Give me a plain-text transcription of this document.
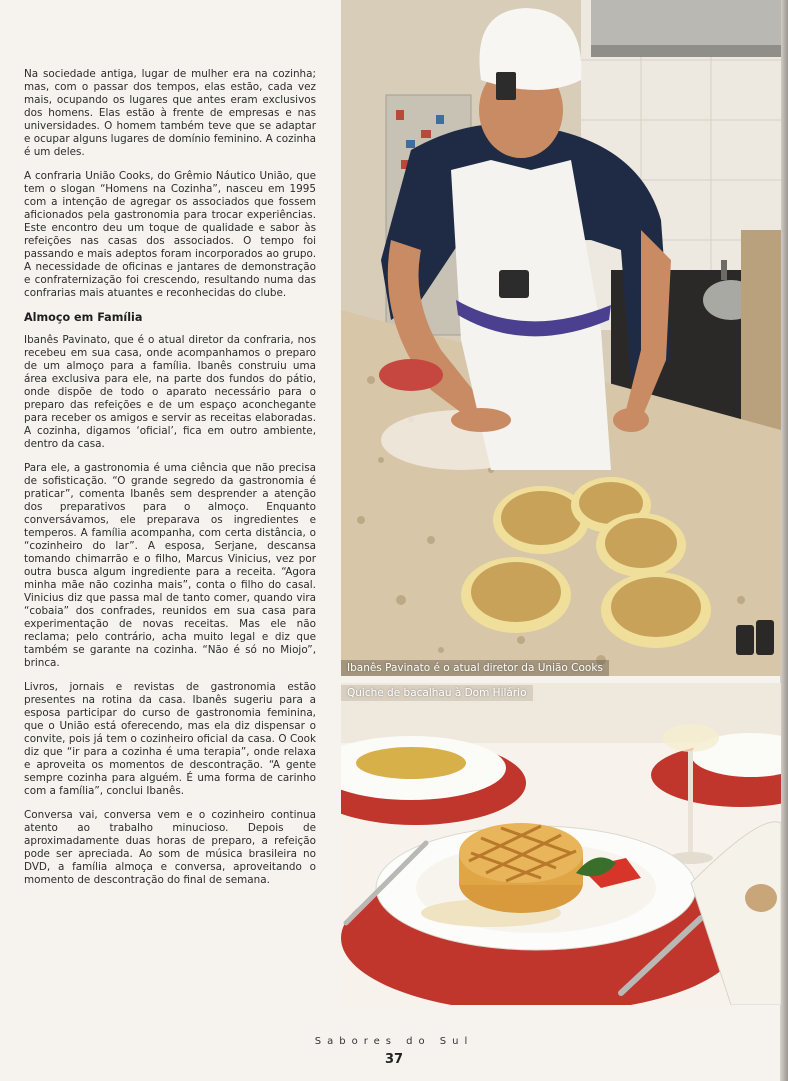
Na sociedade antiga, lugar de mulher era na cozinha; mas, com o passar dos tempos, elas estão, cada vez mais, ocupando os lugares que antes eram exclusivos dos homens. Elas estão à frente de empresas e nas universidades. O homem também teve que se adaptar e ocupar alguns lugares de domínio feminino. A cozinha é um deles.

A confraria União Cooks, do Grêmio Náutico União, que tem o slogan “Homens na Cozinha”, nasceu em 1995 com a intenção de agregar os associados que fossem aficionados pela gastronomia para trocar experiências. Este encontro deu um toque de qualidade e sabor às refeições nas casas dos associados. O tempo foi passando e mais adeptos foram incorporados ao grupo. A necessidade de oficinas e jantares de demonstração e confraternização foi crescendo, resultando numa das confrarias mais atuantes e reconhecidas do clube.

Almoço em Família

Ibanês Pavinato, que é o atual diretor da confraria, nos recebeu em sua casa, onde acompanhamos o preparo de um almoço para a família. Ibanês construiu uma área exclusiva para ele, na parte dos fundos do pátio, onde dispõe de todo o aparato necessário para o preparo das refeições e de um espaço aconchegante para receber os amigos e servir as receitas elaboradas. A cozinha, digamos ‘oficial’, fica em outro ambiente, dentro da casa.

Para ele, a gastronomia é uma ciência que não precisa de sofisticação. “O grande segredo da gastronomia é praticar”, comenta Ibanês sem desprender a atenção dos preparativos para o almoço. Enquanto conversávamos, ele preparava os ingredientes e temperos. A família acompanha, com certa distância, o “cozinheiro do lar”. A esposa, Serjane, descansa tomando chimarrão e o filho, Marcus Vinicius, vez por outra busca algum ingrediente para a receita. “Agora minha mãe não cozinha mais”, conta o filho do casal. Vinicius diz que passa mal de tanto comer, quando vira “cobaia” dos confrades, reunidos em sua casa para experimentação de novas receitas. Mas ele não reclama; pelo contrário, acha muito legal e diz que também se garante na cozinha. “Não é só no Miojo”, brinca.

Livros, jornais e revistas de gastronomia estão presentes na rotina da casa. Ibanês sugeriu para a esposa participar do curso de gastronomia feminina, que o União está oferecendo, mas ela diz dispensar o convite, pois já tem o cozinheiro oficial da casa. O Cook diz que “ir para a cozinha é uma terapia”, onde relaxa e aproveita os momentos de descontração. “A gente sempre cozinha para alguém. É uma forma de carinho com a família”, conclui Ibanês.

Conversa vai, conversa vem e o cozinheiro continua atento ao trabalho minucioso. Depois de aproximadamente duas horas de preparo, a refeição pode ser apreciada. Ao som de música brasileira no DVD, a família almoça e conversa, aproveitando o momento de descontração do final de semana.

Ibanês Pavinato é o atual diretor da União Cooks
Quiche de bacalhau à Dom Hilário
Sabores do Sul
37
